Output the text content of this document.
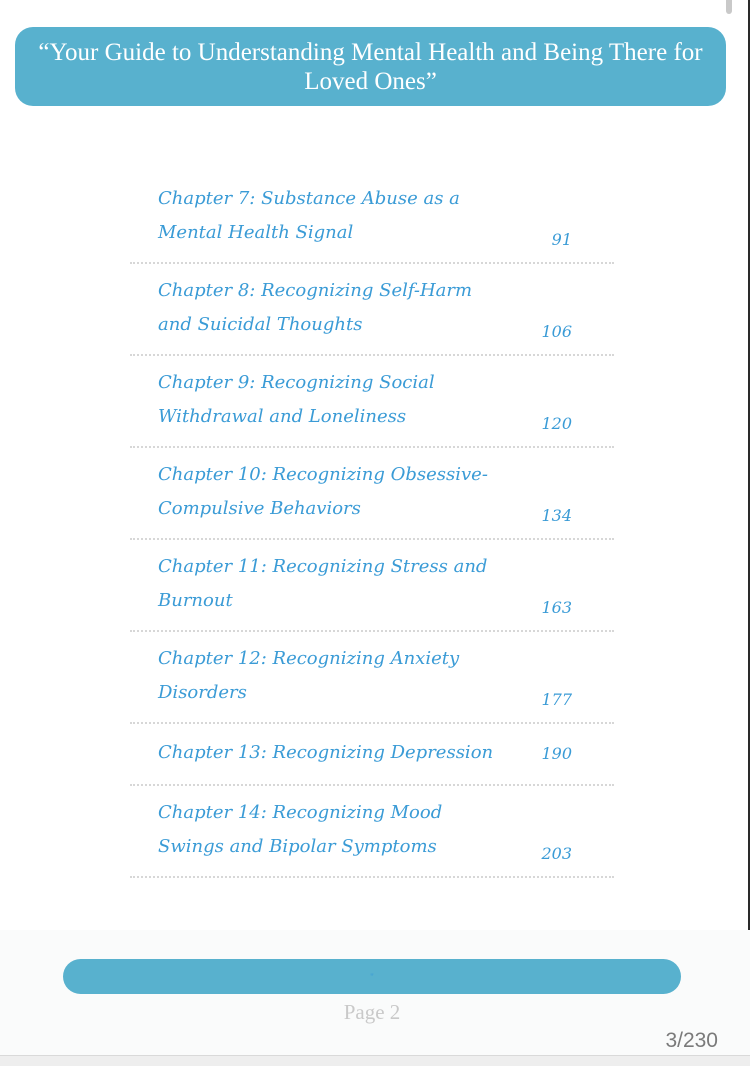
“Your Guide to Understanding Mental Health and Being There for Loved Ones”
Chapter 7: Substance Abuse as a Mental Health Signal	91
Chapter 8: Recognizing Self-Harm and Suicidal Thoughts	106
Chapter 9: Recognizing Social Withdrawal and Loneliness	120
Chapter 10: Recognizing Obsessive-Compulsive Behaviors	134
Chapter 11: Recognizing Stress and Burnout	163
Chapter 12: Recognizing Anxiety Disorders	177
Chapter 13: Recognizing Depression	190
Chapter 14: Recognizing Mood Swings and Bipolar Symptoms	203
"
Page 2
3/230
